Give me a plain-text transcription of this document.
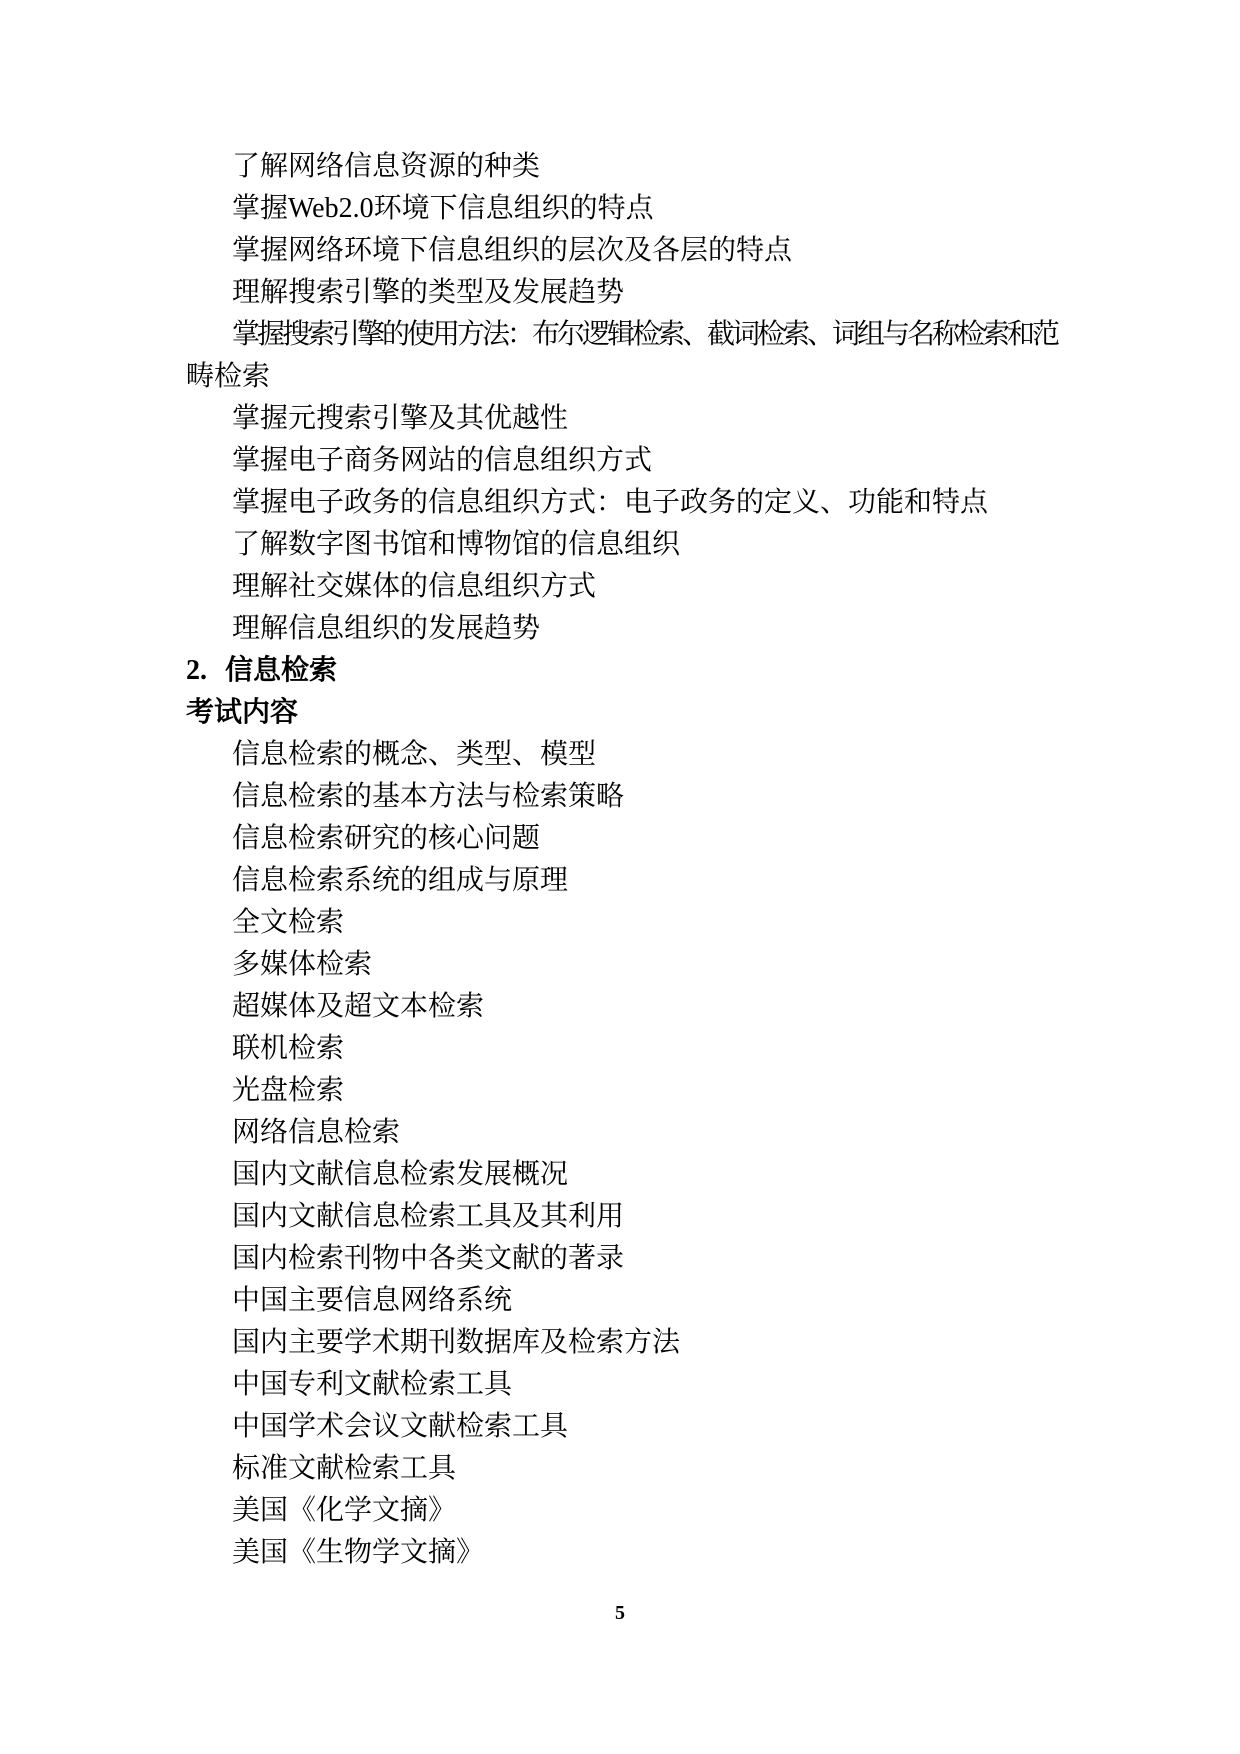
了解网络信息资源的种类

掌握Web2.0环境下信息组织的特点

掌握网络环境下信息组织的层次及各层的特点

理解搜索引擎的类型及发展趋势

掌握搜索引擎的使用方法：布尔逻辑检索、截词检索、词组与名称检索和范

畴检索

掌握元搜索引擎及其优越性

掌握电子商务网站的信息组织方式

掌握电子政务的信息组织方式：电子政务的定义、功能和特点

了解数字图书馆和博物馆的信息组织

理解社交媒体的信息组织方式

理解信息组织的发展趋势

2. 信息检索
考试内容

信息检索的概念、类型、模型

信息检索的基本方法与检索策略

信息检索研究的核心问题

信息检索系统的组成与原理

全文检索

多媒体检索

超媒体及超文本检索

联机检索

光盘检索

网络信息检索

国内文献信息检索发展概况

国内文献信息检索工具及其利用

国内检索刊物中各类文献的著录

中国主要信息网络系统

国内主要学术期刊数据库及检索方法

中国专利文献检索工具

中国学术会议文献检索工具

标准文献检索工具

美国《化学文摘》

美国《生物学文摘》

5
